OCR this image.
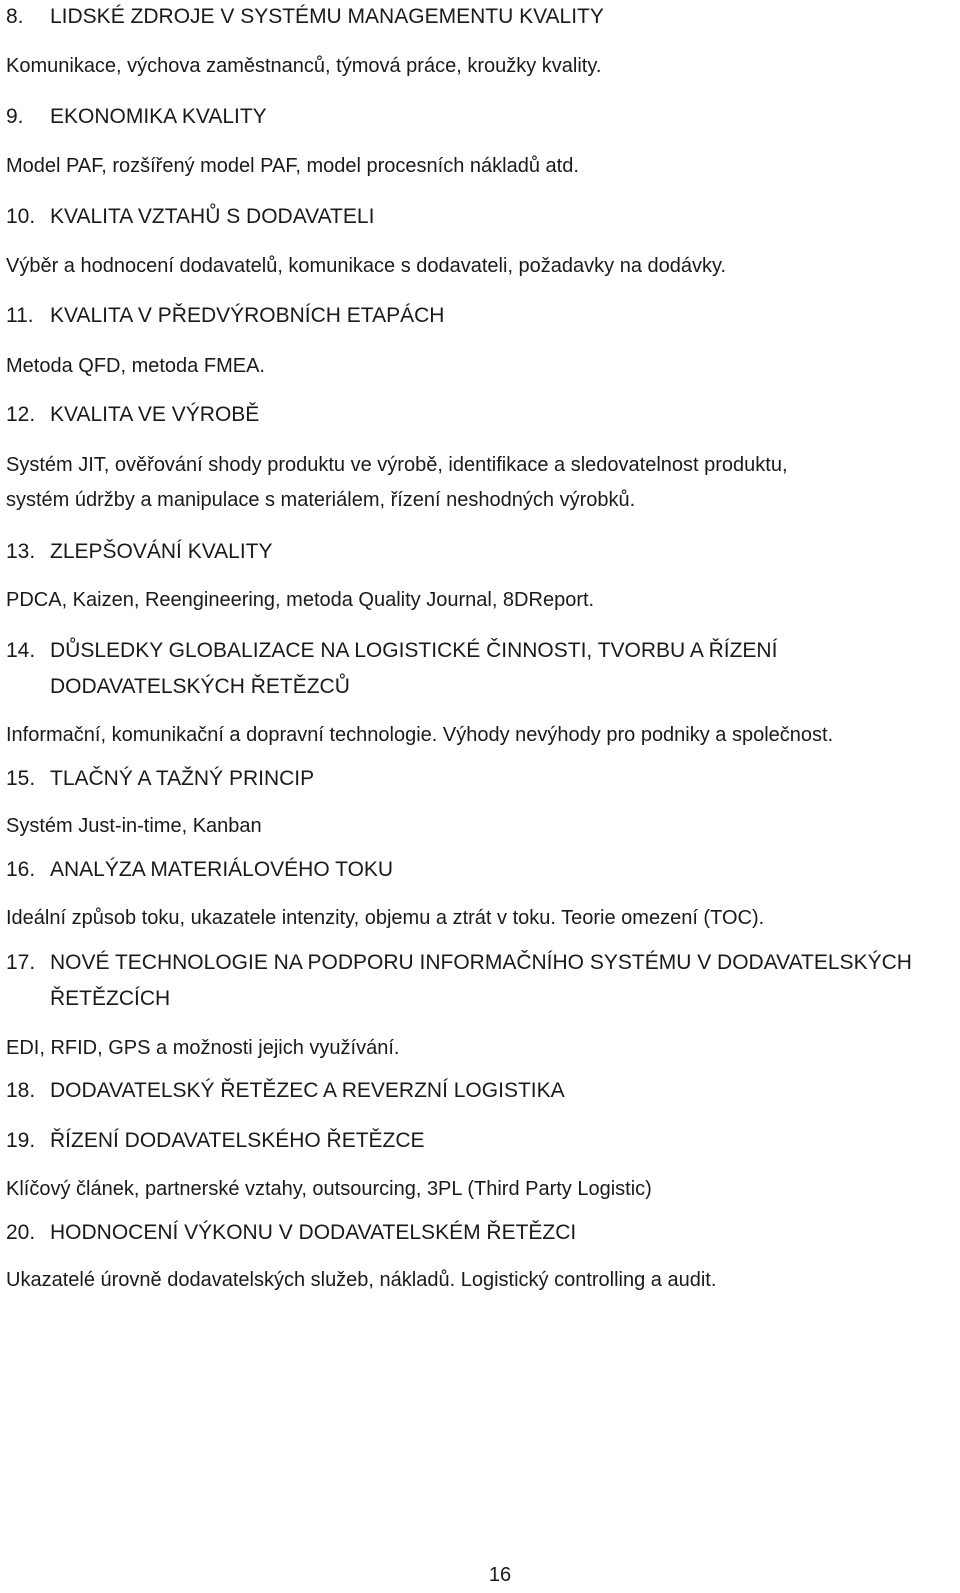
8. LIDSKÉ ZDROJE V SYSTÉMU MANAGEMENTU KVALITY
Komunikace, výchova zaměstnanců, týmová práce, kroužky kvality.
9. EKONOMIKA KVALITY
Model PAF, rozšířený model PAF, model procesních nákladů atd.
10. KVALITA VZTAHŮ S DODAVATELI
Výběr a hodnocení dodavatelů, komunikace s dodavateli, požadavky na dodávky.
11. KVALITA V PŘEDVÝROBNÍCH ETAPÁCH
Metoda QFD, metoda FMEA.
12. KVALITA VE VÝROBĚ
Systém JIT, ověřování shody produktu ve výrobě, identifikace a sledovatelnost produktu,
systém údržby a manipulace s materiálem, řízení neshodných výrobků.
13. ZLEPŠOVÁNÍ KVALITY
PDCA, Kaizen, Reengineering, metoda Quality Journal, 8DReport.
14. DŮSLEDKY GLOBALIZACE NA LOGISTICKÉ ČINNOSTI, TVORBU A ŘÍZENÍ
DODAVATELSKÝCH ŘETĚZCŮ
Informační, komunikační a dopravní technologie. Výhody nevýhody pro podniky a společnost.
15. TLAČNÝ A TAŽNÝ PRINCIP
Systém Just-in-time, Kanban
16. ANALÝZA MATERIÁLOVÉHO TOKU
Ideální způsob toku, ukazatele intenzity, objemu a ztrát v toku. Teorie omezení (TOC).
17. NOVÉ TECHNOLOGIE NA PODPORU INFORMAČNÍHO SYSTÉMU V DODAVATELSKÝCH
ŘETĚZCÍCH
EDI, RFID, GPS a možnosti jejich využívání.
18. DODAVATELSKÝ ŘETĚZEC A REVERZNÍ LOGISTIKA
19. ŘÍZENÍ DODAVATELSKÉHO ŘETĚZCE
Klíčový článek, partnerské vztahy, outsourcing, 3PL (Third Party Logistic)
20. HODNOCENÍ VÝKONU V DODAVATELSKÉM ŘETĚZCI
Ukazatelé úrovně dodavatelských služeb, nákladů. Logistický controlling a audit.
16
